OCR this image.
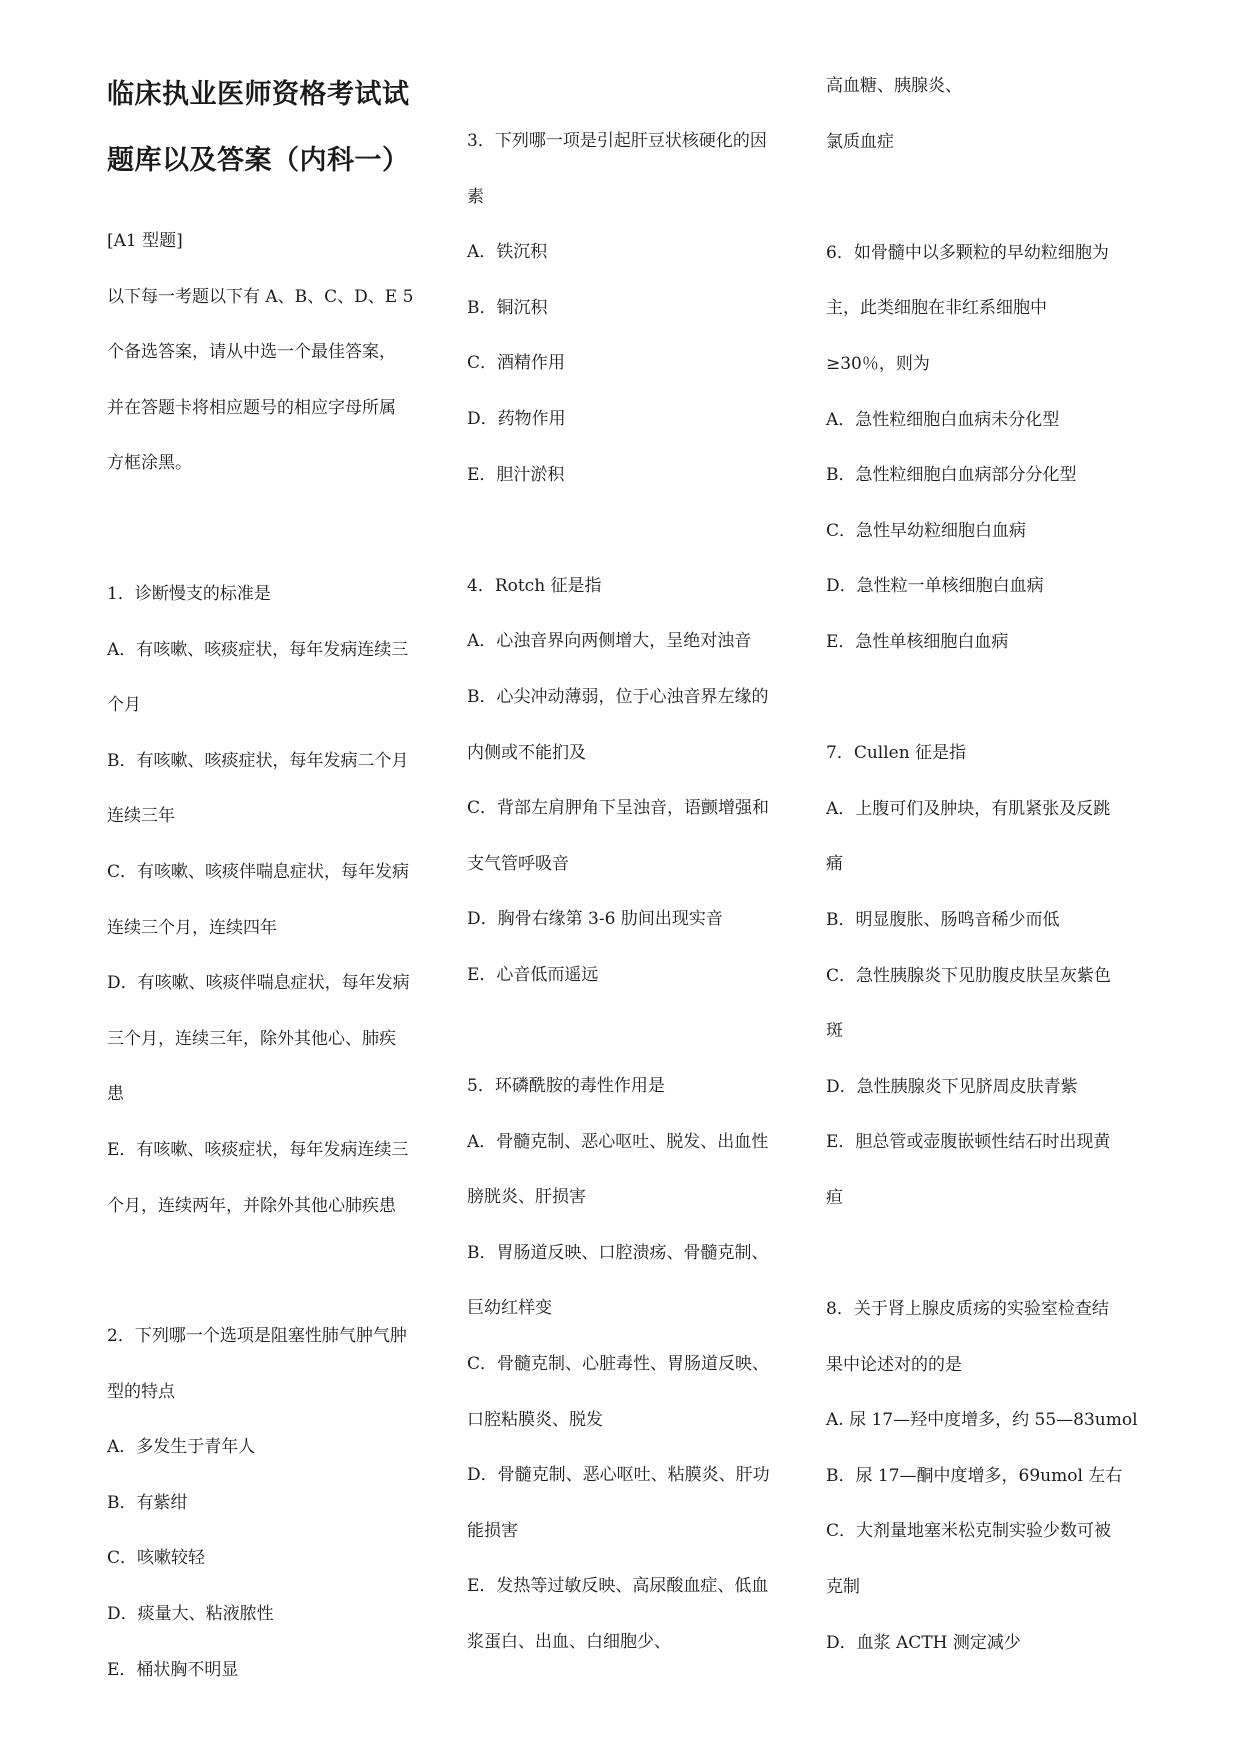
临床执业医师资格考试试

题库以及答案（内科一）

[A1 型题]

以下每一考题以下有 A、B、C、D、E 5

个备选答案，请从中选一个最佳答案，

并在答题卡将相应题号的相应字母所属

方框涂黑。

1．诊断慢支的标准是

A．有咳嗽、咳痰症状，每年发病连续三

个月

B．有咳嗽、咳痰症状，每年发病二个月

连续三年

C．有咳嗽、咳痰伴喘息症状，每年发病

连续三个月，连续四年

D．有咳嗽、咳痰伴喘息症状，每年发病

三个月，连续三年，除外其他心、肺疾

患

E．有咳嗽、咳痰症状，每年发病连续三

个月，连续两年，并除外其他心肺疾患

2．下列哪一个选项是阻塞性肺气肿气肿

型的特点

A．多发生于青年人

B．有紫绀

C．咳嗽较轻

D．痰量大、粘液脓性

E．桶状胸不明显

3．下列哪一项是引起肝豆状核硬化的因

素

A．铁沉积

B．铜沉积

C．酒精作用

D．药物作用

E．胆汁淤积

4．Rotch 征是指

A．心浊音界向两侧增大，呈绝对浊音

B．心尖冲动薄弱，位于心浊音界左缘的

内侧或不能扪及

C．背部左肩胛角下呈浊音，语颤增强和

支气管呼吸音

D．胸骨右缘第 3-6 肋间出现实音

E．心音低而遥远

5．环磷酰胺的毒性作用是

A．骨髓克制、恶心呕吐、脱发、出血性

膀胱炎、肝损害

B．胃肠道反映、口腔溃疡、骨髓克制、

巨幼红样变

C．骨髓克制、心脏毒性、胃肠道反映、

口腔粘膜炎、脱发

D．骨髓克制、恶心呕吐、粘膜炎、肝功

能损害

E．发热等过敏反映、高尿酸血症、低血

浆蛋白、出血、白细胞少、

高血糖、胰腺炎、

氯质血症

6．如骨髓中以多颗粒的早幼粒细胞为

主，此类细胞在非红系细胞中

≥30％，则为

A．急性粒细胞白血病未分化型

B．急性粒细胞白血病部分分化型

C．急性早幼粒细胞白血病

D．急性粒一单核细胞白血病

E．急性单核细胞白血病

7．Cullen 征是指

A．上腹可们及肿块，有肌紧张及反跳

痛

B．明显腹胀、肠鸣音稀少而低

C．急性胰腺炎下见肋腹皮肤呈灰紫色

斑

D．急性胰腺炎下见脐周皮肤青紫

E．胆总管或壶腹嵌顿性结石时出现黄

疸

8．关于肾上腺皮质疡的实验室检查结

果中论述对的的是

A. 尿 17—羟中度增多，约 55—83umol

B．尿 17—酮中度增多，69umol 左右

C．大剂量地塞米松克制实验少数可被

克制

D．血浆 ACTH 测定减少
